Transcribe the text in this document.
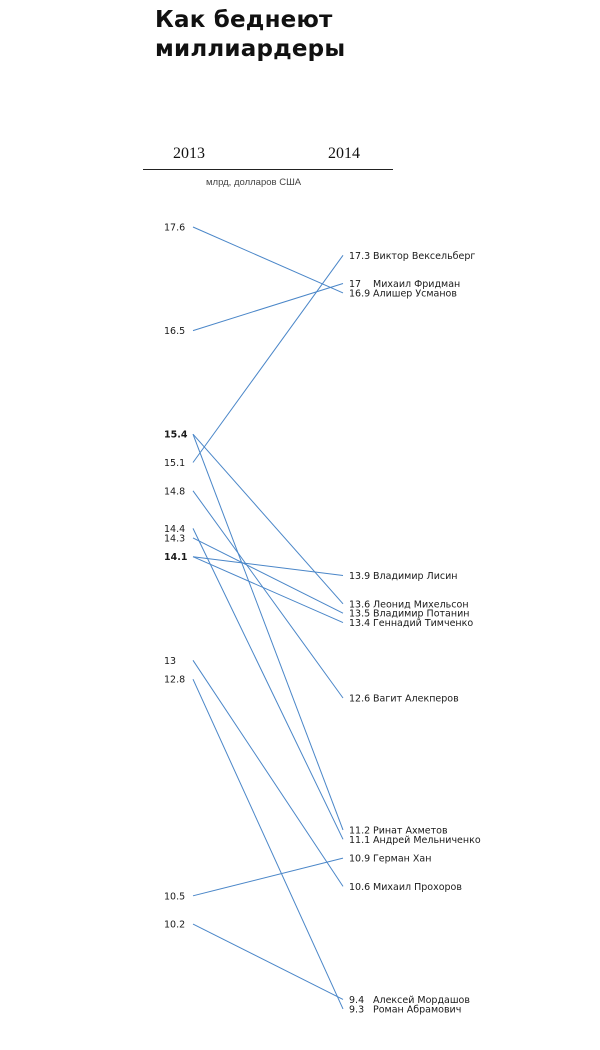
Как беднеют
миллиардеры
2013	2014
млрд, долларов США
17.6
16.5
15.4
15.1
14.8
14.4
14.3
14.1
13
12.8
10.5
10.2
17.3 Виктор Вексельберг
17 Михаил Фридман
16.9 Алишер Усманов
13.9 Владимир Лисин
13.6 Леонид Михельсон
13.5 Владимир Потанин
13.4 Геннадий Тимченко
12.6 Вагит Алекперов
11.2 Ринат Ахметов
11.1 Андрей Мельниченко
10.9 Герман Хан
10.6 Михаил Прохоров
9.4 Алексей Мордашов
9.3 Роман Абрамович
